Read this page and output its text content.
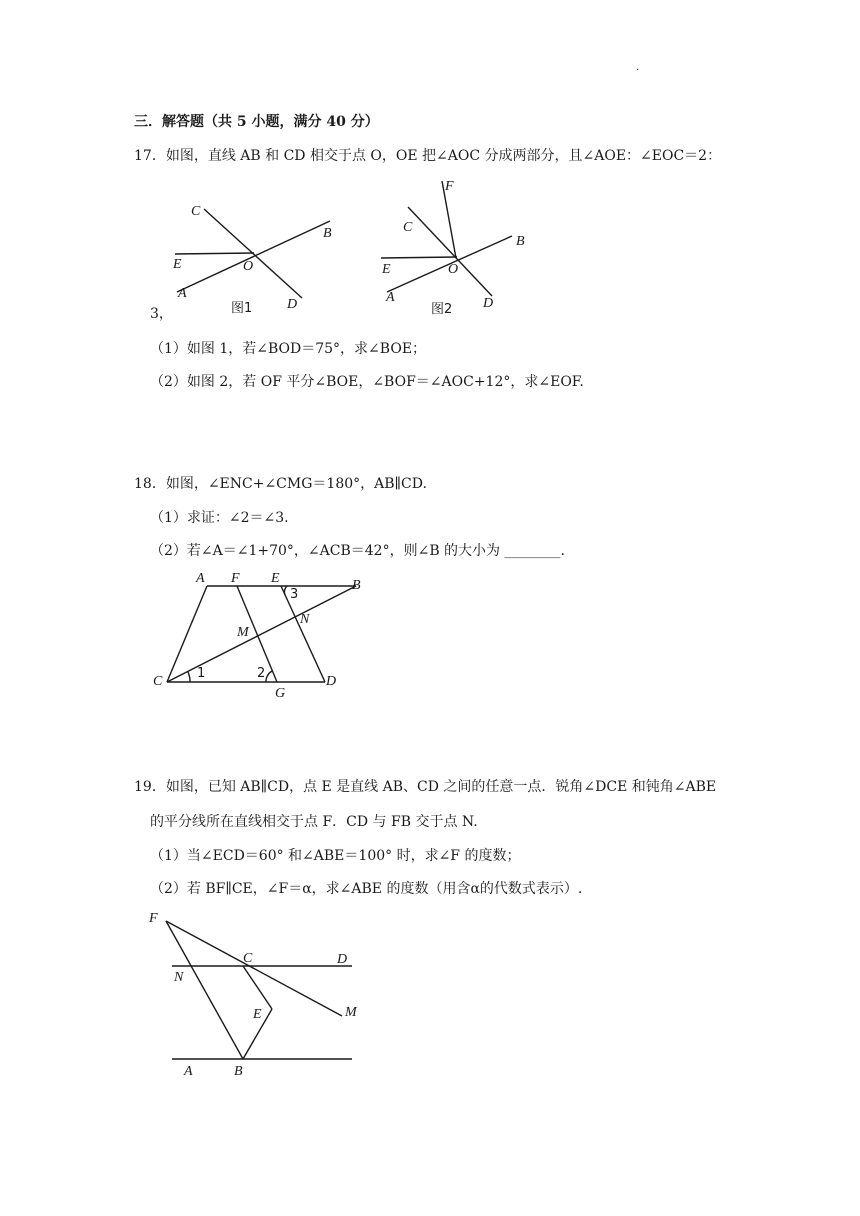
.
三．解答题（共 5 小题，满分 40 分）
17．如图，直线 AB 和 CD 相交于点 O，OE 把∠AOC 分成两部分，且∠AOE：∠EOC＝2：
C
B
E	O
A
D
图1
F
C
B
E	O
A	D
图2
3，
（1）如图 1，若∠BOD＝75°，求∠BOE；
（2）如图 2，若 OF 平分∠BOE，∠BOF＝∠AOC+12°，求∠EOF.
18．如图，∠ENC+∠CMG＝180°，AB∥CD.
（1）求证：∠2＝∠3.
（2）若∠A＝∠1+70°，∠ACB＝42°，则∠B 的大小为 ________.
A F E	B
3
N
M
C
1	2
G
D
19．如图，已知 AB∥CD，点 E 是直线 AB、CD 之间的任意一点．锐角∠DCE 和钝角∠ABE
的平分线所在直线相交于点 F．CD 与 FB 交于点 N.
（1）当∠ECD＝60° 和∠ABE＝100° 时，求∠F 的度数；
（2）若 BF∥CE，∠F＝α，求∠ABE 的度数（用含α的代数式表示）.
F
C	D
N
M
E
A	B
